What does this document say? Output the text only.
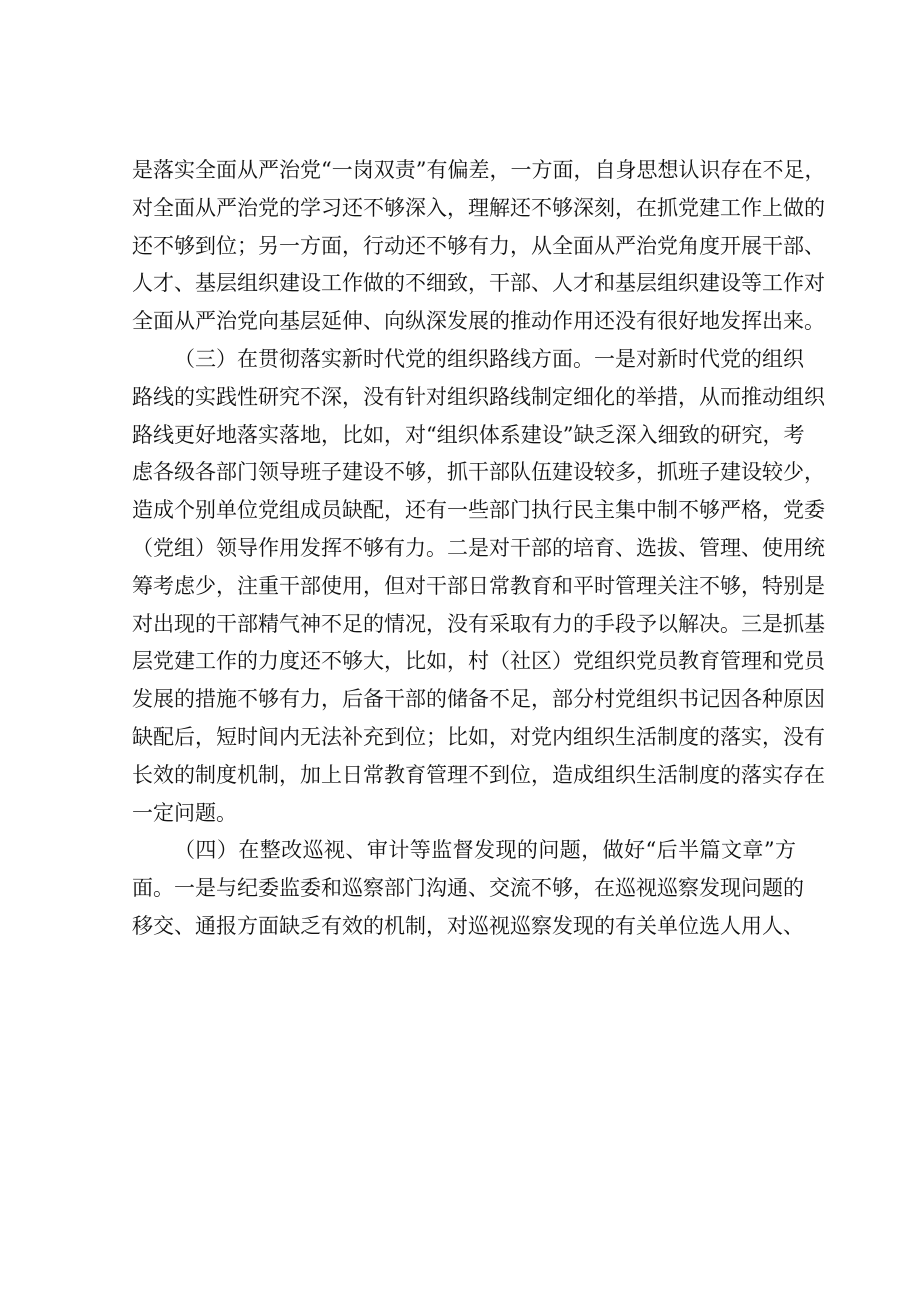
是落实全面从严治党“一岗双责”有偏差，一方面，自身思想认识存在不足，
对全面从严治党的学习还不够深入，理解还不够深刻，在抓党建工作上做的
还不够到位；另一方面，行动还不够有力，从全面从严治党角度开展干部、
人才、基层组织建设工作做的不细致，干部、人才和基层组织建设等工作对
全面从严治党向基层延伸、向纵深发展的推动作用还没有很好地发挥出来。
（三）在贯彻落实新时代党的组织路线方面。一是对新时代党的组织
路线的实践性研究不深，没有针对组织路线制定细化的举措，从而推动组织
路线更好地落实落地，比如，对“组织体系建设”缺乏深入细致的研究，考
虑各级各部门领导班子建设不够，抓干部队伍建设较多，抓班子建设较少，
造成个别单位党组成员缺配，还有一些部门执行民主集中制不够严格，党委
（党组）领导作用发挥不够有力。二是对干部的培育、选拔、管理、使用统
筹考虑少，注重干部使用，但对干部日常教育和平时管理关注不够，特别是
对出现的干部精气神不足的情况，没有采取有力的手段予以解决。三是抓基
层党建工作的力度还不够大，比如，村（社区）党组织党员教育管理和党员
发展的措施不够有力，后备干部的储备不足，部分村党组织书记因各种原因
缺配后，短时间内无法补充到位；比如，对党内组织生活制度的落实，没有
长效的制度机制，加上日常教育管理不到位，造成组织生活制度的落实存在
一定问题。
（四）在整改巡视、审计等监督发现的问题，做好“后半篇文章”方
面。一是与纪委监委和巡察部门沟通、交流不够，在巡视巡察发现问题的
移交、通报方面缺乏有效的机制，对巡视巡察发现的有关单位选人用人、
